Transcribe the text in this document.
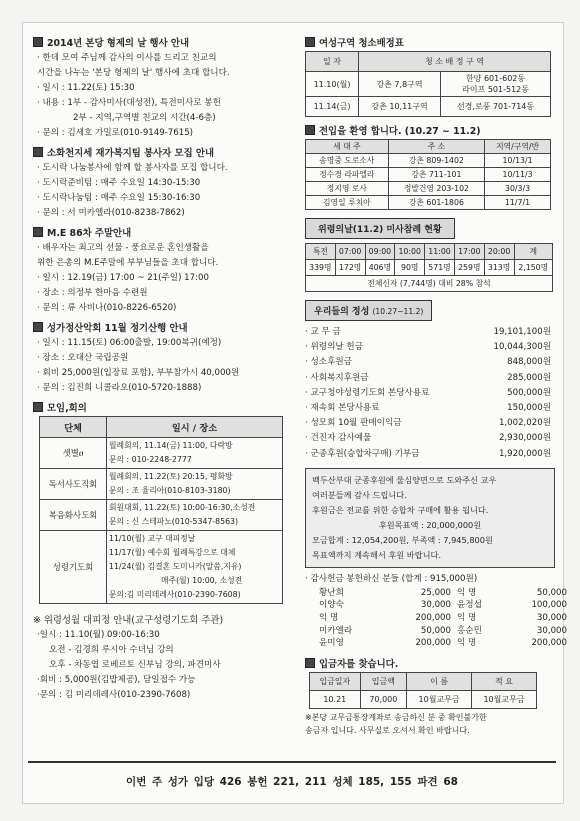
2014년 본당 형제의 날 행사 안내
· 한데 모여 주님께 감사의 이사를 드리고 친교의
시간을 나누는 '본당 형제의 날' 행사에 초대 합니다.
· 일시 : 11.22(토) 15:30
· 내용 : 1부 - 감사미사(대성전), 특전미사로 봉헌
2부 - 지역,구역별 친교의 시간(4-6층)
· 문의 : 김세호 가밀로(010-9149-7615)
소화천지세 재가복지팀 봉사자 모집 안내
· 도시락 나눔봉사에 함께 할 봉사자를 모집 합니다.
· 도시락준비팀 : 매주 수요일 14:30-15:30
· 도시락나눔팀 : 매주 수요일 15:30-16:30
· 문의 : 서 미카엘라(010-8238-7862)
M.E 86차 주말안내
· 배우자는 최고의 선물 - 풍요로운 혼인생활을
위한 은총의 M.E주말에 부부님들을 초대 합니다.
· 일시 : 12.19(금) 17:00 ~ 21(주일) 17:00
· 장소 : 의정부 한마음 수련원
· 문의 : 류 사비나(010-8226-6520)
성가정산악회 11월 정기산행 안내
· 일시 : 11.15(토) 06:00출발, 19:00복귀(예정)
· 장소 : 오대산 국립공원
· 회비 25,000원(입장료 포함), 부부참가시 40,000원
· 문의 : 김진희 니콜라오(010-5720-1888)
모임,회의
단체	일시 / 장소
셋별ዐ	월례회의, 11.14(금) 11:00, 다락방
문의 : 010-2248-2777

독서사도직회	월례회의, 11.22(토) 20:15, 평화방
문의 : 조 율리아(010-8103-3180)

복음화사도회	회원대회, 11.22(토) 10:00-16:30,소성전
문의 : 신 스테파노(010-5347-8563)

성령기도회	11/10(월) 교구 대피정날
11/17(월) 예수회 월례특강으로 대체
11/24(월) 김결혼 도미니카(말씀,지유)
매주(월) 10:00, 소성전
문의:김 미리데레사(010-2390-7608)
※ 위령성월 대피정 안내(교구성령기도회 주관)
·일시 : 11.10(월) 09:00-16:30
오전 - 김경희 루시아 수녀님 강의
오후 - 차동엽 로베르토 신부님 강의, 파견미사
·회비 : 5,000원(김밥제공), 담일접수 가능
·문의 : 김 미리데레사(010-2390-7608)
여성구역 청소배정표
일 자	청 소 배 정 구 역	
11.10(월)	강촌 7,8구역	한양 601-602동
라이프 501-512동
11.14(금)	강촌 10,11구역	선경,로풍 701-714동
전입을 환영 합니다. (10.27 ~ 11.2)
세 대 주	주 소	지역/구역/반
송명중 도로소사	강촌 809-1402	10/13/1
정수경 라파엘라	강촌 711-101	10/11/3
정지영 로사	정발건영 203-102	30/3/3
김영일 루치아	강촌 601-1806	11/7/1
위령의날(11.2) 미사참례 현황
특전	07:00	09:00	10:00	11:00	17:00	20:00	계
339명	172명	406명	90명	571명	259명	313명	2,150명
전체신자 (7,744명) 대비 28% 참석							
우리들의 정성 (10.27~11.2)
· 교 무 금	19,101,100원
· 위령의날 헌금	10,044,300원
· 성소후원금	848,000원
· 사회복지후원금	285,000원
· 교구청야성령기도회 본당사용료	500,000원
· 재속회 본당사용료	150,000원
· 성모회 10월 판매이익금	1,002,020원
· 건진자 감사예물	2,930,000원
· 군종후원(승합차구매) 기부금	1,920,000원
백두산부대 군종후원에 물심양면으로 도와주신 교우
여러분들께 감사 드립니다.
후원금은 전교를 위한 승합차 구매에 활용 됩니다.
후원목표액 : 20,000,000원
모금합계 : 12,054,200원, 부족액 : 7,945,800원
목표액까지 계속해서 후원 바랍니다.
· 감사헌금 봉헌하신 분들 (합계 : 915,000원)
황난희	25,000 익 명	50,000
이양숙	30,000 윤정섭	100,000
익 명	200,000 익 명	30,000
미카엘라	50,000 홍순민	30,000
윤미영	200,000 익 명	200,000
입금자를 찾습니다.
입금일자	입금액	이 름	적 요
10.21	70,000	10월교무금	10월교무금
※본당 교무금통장계좌로 송금하신 분 중 확인불가한
송금자 입니다. 사무실로 오셔서 확인 바랍니다.
이번 주 성가 입당 426 봉헌 221, 211 성체 185, 155 파견 68
